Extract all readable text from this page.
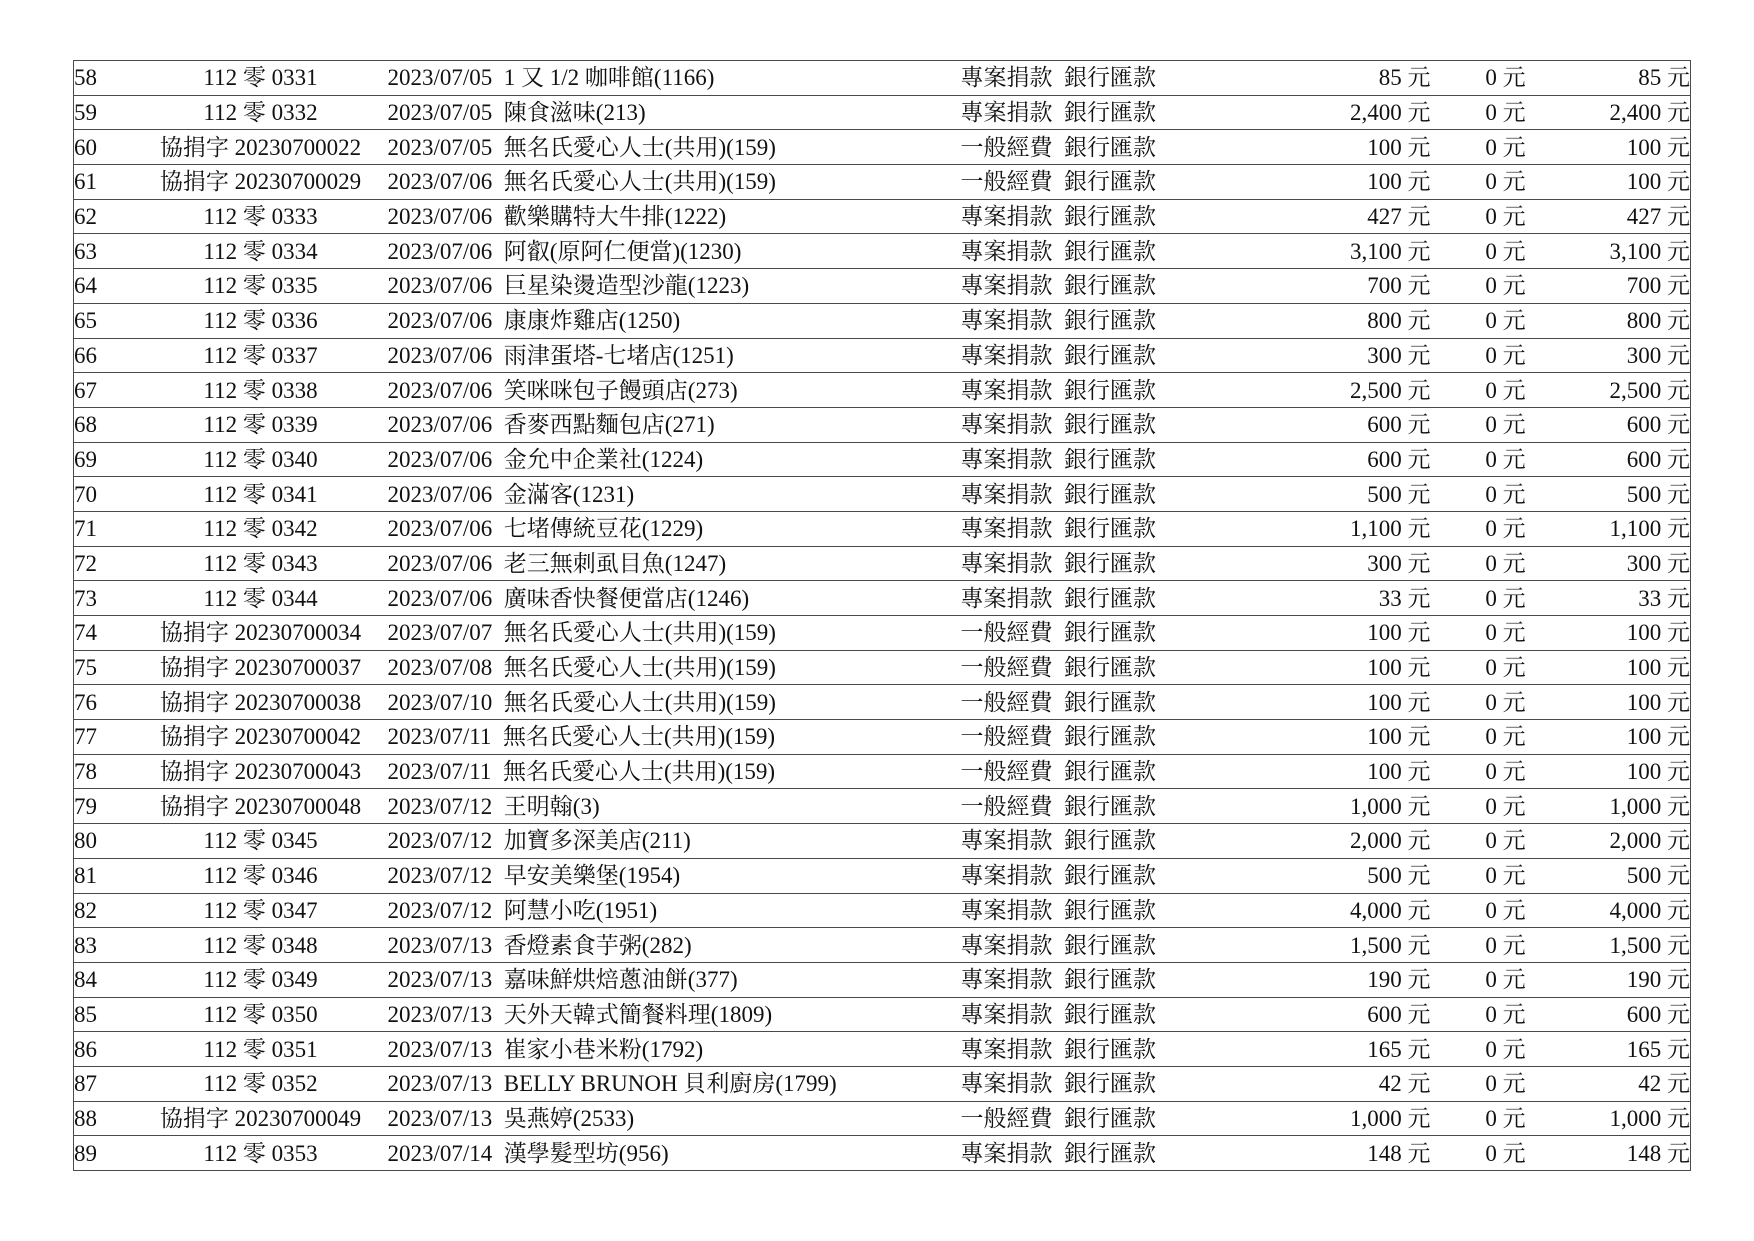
58	112 零 0331	2023/07/05 1 又 1/2 咖啡館(1166)	專案捐款 銀行匯款	85 元	0 元	85 元
59	112 零 0332	2023/07/05 陳食滋味(213)	專案捐款 銀行匯款	2,400 元	0 元	2,400 元
60	協捐字 20230700022	2023/07/05 無名氏愛心人士(共用)(159)	一般經費 銀行匯款	100 元	0 元	100 元
61	協捐字 20230700029	2023/07/06 無名氏愛心人士(共用)(159)	一般經費 銀行匯款	100 元	0 元	100 元
62	112 零 0333	2023/07/06 歡樂購特大牛排(1222)	專案捐款 銀行匯款	427 元	0 元	427 元
63	112 零 0334	2023/07/06 阿叡(原阿仁便當)(1230)	專案捐款 銀行匯款	3,100 元	0 元	3,100 元
64	112 零 0335	2023/07/06 巨星染燙造型沙龍(1223)	專案捐款 銀行匯款	700 元	0 元	700 元
65	112 零 0336	2023/07/06 康康炸雞店(1250)	專案捐款 銀行匯款	800 元	0 元	800 元
66	112 零 0337	2023/07/06 雨津蛋塔-七堵店(1251)	專案捐款 銀行匯款	300 元	0 元	300 元
67	112 零 0338	2023/07/06 笑咪咪包子饅頭店(273)	專案捐款 銀行匯款	2,500 元	0 元	2,500 元
68	112 零 0339	2023/07/06 香麥西點麵包店(271)	專案捐款 銀行匯款	600 元	0 元	600 元
69	112 零 0340	2023/07/06 金允中企業社(1224)	專案捐款 銀行匯款	600 元	0 元	600 元
70	112 零 0341	2023/07/06 金滿客(1231)	專案捐款 銀行匯款	500 元	0 元	500 元
71	112 零 0342	2023/07/06 七堵傳統豆花(1229)	專案捐款 銀行匯款	1,100 元	0 元	1,100 元
72	112 零 0343	2023/07/06 老三無刺虱目魚(1247)	專案捐款 銀行匯款	300 元	0 元	300 元
73	112 零 0344	2023/07/06 廣味香快餐便當店(1246)	專案捐款 銀行匯款	33 元	0 元	33 元
74	協捐字 20230700034	2023/07/07 無名氏愛心人士(共用)(159)	一般經費 銀行匯款	100 元	0 元	100 元
75	協捐字 20230700037	2023/07/08 無名氏愛心人士(共用)(159)	一般經費 銀行匯款	100 元	0 元	100 元
76	協捐字 20230700038	2023/07/10 無名氏愛心人士(共用)(159)	一般經費 銀行匯款	100 元	0 元	100 元
77	協捐字 20230700042	2023/07/11 無名氏愛心人士(共用)(159)	一般經費 銀行匯款	100 元	0 元	100 元
78	協捐字 20230700043	2023/07/11 無名氏愛心人士(共用)(159)	一般經費 銀行匯款	100 元	0 元	100 元
79	協捐字 20230700048	2023/07/12 王明翰(3)	一般經費 銀行匯款	1,000 元	0 元	1,000 元
80	112 零 0345	2023/07/12 加寶多深美店(211)	專案捐款 銀行匯款	2,000 元	0 元	2,000 元
81	112 零 0346	2023/07/12 早安美樂堡(1954)	專案捐款 銀行匯款	500 元	0 元	500 元
82	112 零 0347	2023/07/12 阿慧小吃(1951)	專案捐款 銀行匯款	4,000 元	0 元	4,000 元
83	112 零 0348	2023/07/13 香燈素食芋粥(282)	專案捐款 銀行匯款	1,500 元	0 元	1,500 元
84	112 零 0349	2023/07/13 嘉味鮮烘焙蔥油餅(377)	專案捐款 銀行匯款	190 元	0 元	190 元
85	112 零 0350	2023/07/13 天外天韓式簡餐料理(1809)	專案捐款 銀行匯款	600 元	0 元	600 元
86	112 零 0351	2023/07/13 崔家小巷米粉(1792)	專案捐款 銀行匯款	165 元	0 元	165 元
87	112 零 0352	2023/07/13 BELLY BRUNOH 貝利廚房(1799)	專案捐款 銀行匯款	42 元	0 元	42 元
88	協捐字 20230700049	2023/07/13 吳燕婷(2533)	一般經費 銀行匯款	1,000 元	0 元	1,000 元
89	112 零 0353	2023/07/14 漢學髮型坊(956)	專案捐款 銀行匯款	148 元	0 元	148 元
